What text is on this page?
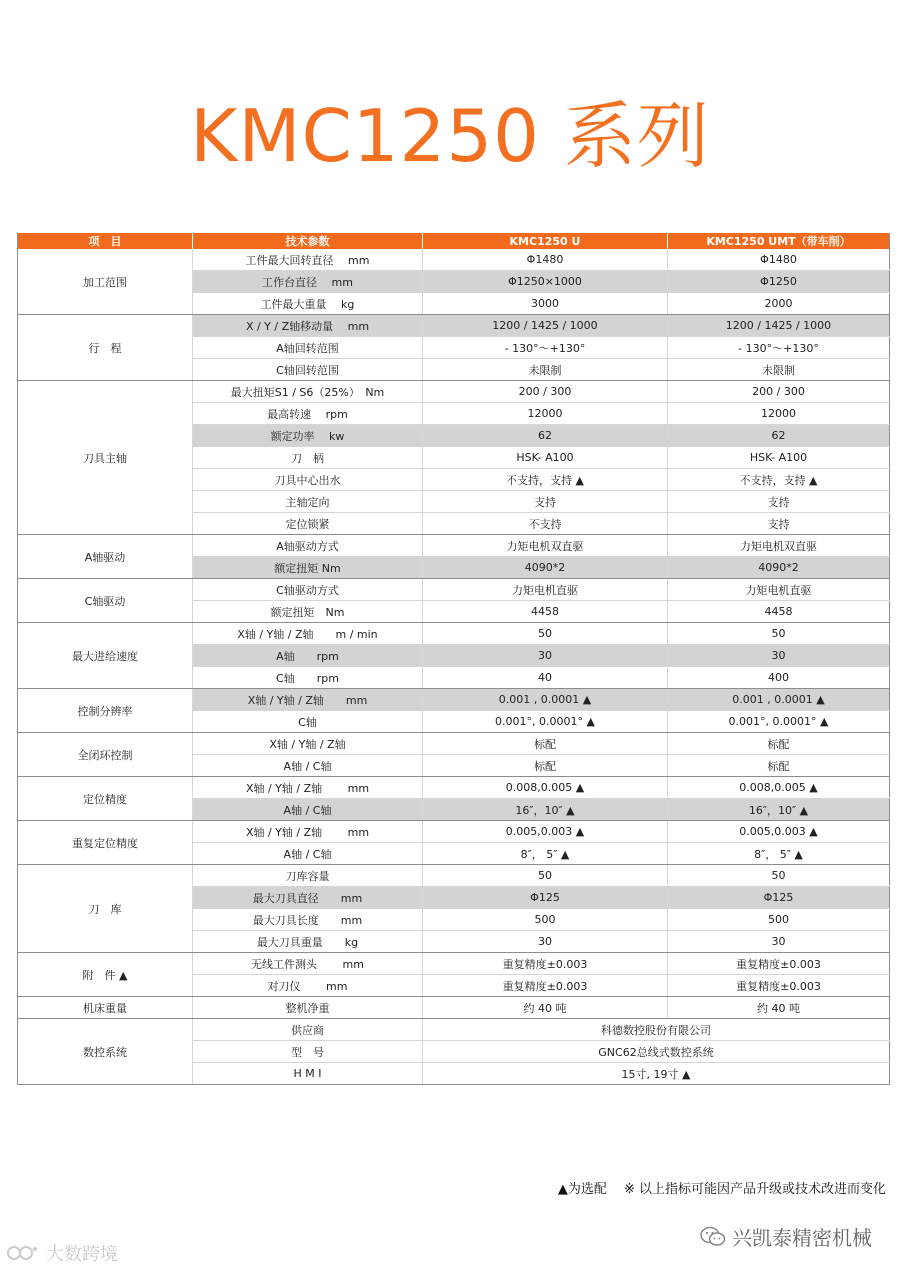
KMC1250 系列
项　目	技术参数	KMC1250 U	KMC1250 UMT（带车削）
加工范围	工件最大回转直径　 mm	Φ1480	Φ1480
	工作台直径　 mm	Φ1250×1000	Φ1250
	工件最大重量　 kg	3000	2000
行　程	X / Y / Z轴移动量　 mm	1200 / 1425 / 1000	1200 / 1425 / 1000
	A轴回转范围	- 130°～+130°	- 130°～+130°
	C轴回转范围	未限制	未限制
刀具主轴	最大扭矩S1 / S6（25%）　Nm	200 / 300	200 / 300
	最高转速　 rpm	12000	12000
	额定功率　 kw	62	62
	刀　柄	HSK- A100	HSK- A100
	刀具中心出水	不支持，支持 ▲	不支持，支持 ▲
	主轴定向	支持	支持
	定位锁紧	不支持	支持
A轴驱动	A轴驱动方式	力矩电机双直驱	力矩电机双直驱
	额定扭矩 Nm	4090*2	4090*2
C轴驱动	C轴驱动方式	力矩电机直驱	力矩电机直驱
	额定扭矩　Nm	4458	4458
最大进给速度	X轴 / Y轴 / Z轴　　m / min	50	50
	A轴　　rpm	30	30
	C轴　　rpm	40	400
控制分辨率	X轴 / Y轴 / Z轴　　mm	0.001 , 0.0001 ▲	0.001 , 0.0001 ▲
	C轴	0.001°, 0.0001° ▲	0.001°, 0.0001° ▲
全闭环控制	X轴 / Y轴 / Z轴	标配	标配
	A轴 / C轴	标配	标配
定位精度	X轴 / Y轴 / Z轴　　 mm	0.008,0.005 ▲	0.008,0.005 ▲
	A轴 / C轴	16″，10″ ▲	16″，10″ ▲
重复定位精度	X轴 / Y轴 / Z轴　　 mm	0.005,0.003 ▲	0.005,0.003 ▲
	A轴 / C轴	8″， 5″ ▲	8″， 5″ ▲
刀　库	刀库容量	50	50
	最大刀具直径　　mm	Φ125	Φ125
	最大刀具长度　　mm	500	500
	最大刀具重量　　kg	30	30
附　件 ▲	无线工件测头　　 mm	重复精度±0.003	重复精度±0.003
	对刀仪　　 mm	重复精度±0.003	重复精度±0.003
机床重量	整机净重	约 40 吨	约 40 吨
数控系统	供应商	科德数控股份有限公司	
	型　号	GNC62总线式数控系统	
	H M I	15寸, 19寸 ▲	
▲为选配　 ※ 以上指标可能因产品升级或技术改进而变化
兴凯泰精密机械
大数跨境
